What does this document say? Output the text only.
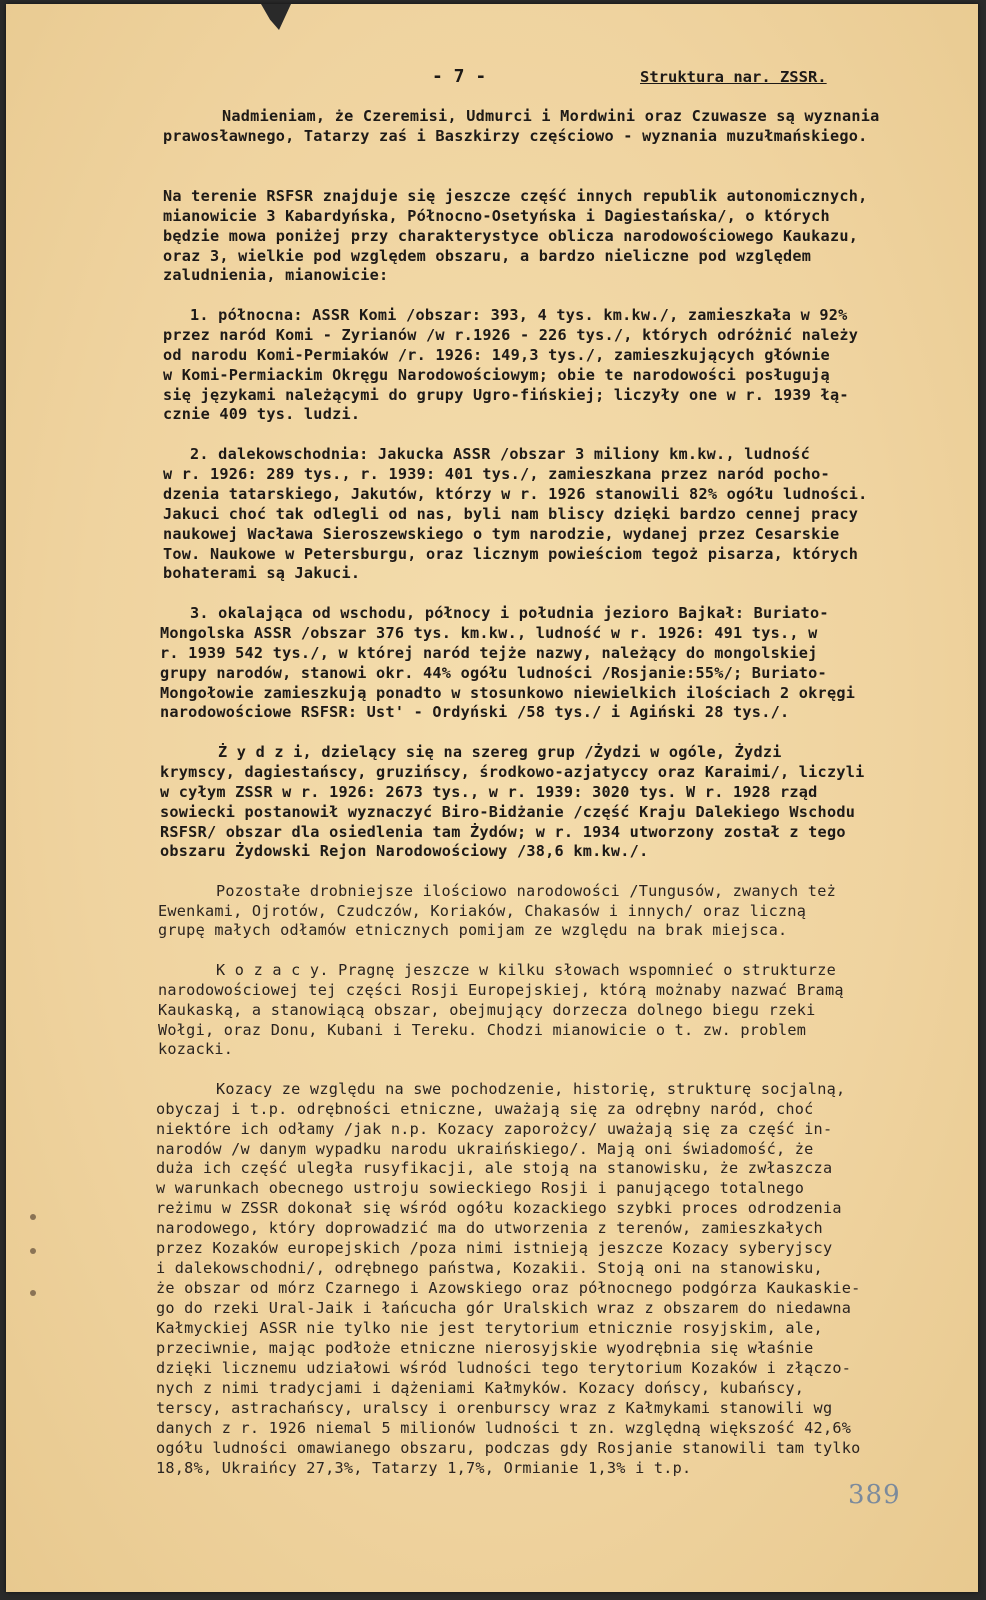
- 7 -	Struktura nar. ZSSR.
Nadmieniam, że Czeremisi, Udmurci i Mordwini oraz Czuwasze są wyznania
prawosławnego, Tatarzy zaś i Baszkirzy częściowo - wyznania muzułmańskiego.
Na terenie RSFSR znajduje się jeszcze część innych republik autonomicznych,
mianowicie 3 Kabardyńska, Północno-Osetyńska i Dagiestańska/, o których
będzie mowa poniżej przy charakterystyce oblicza narodowościowego Kaukazu,
oraz 3, wielkie pod względem obszaru, a bardzo nieliczne pod względem
zaludnienia, mianowicie:
1. północna: ASSR Komi /obszar: 393, 4 tys. km.kw./, zamieszkała w 92%
przez naród Komi - Zyrianów /w r.1926 - 226 tys./, których odróżnić należy
od narodu Komi-Permiaków /r. 1926: 149,3 tys./, zamieszkujących głównie
w Komi-Permiackim Okręgu Narodowościowym; obie te narodowości posługują
się językami należącymi do grupy Ugro-fińskiej; liczyły one w r. 1939 łą-
cznie 409 tys. ludzi.
2. dalekowschodnia: Jakucka ASSR /obszar 3 miliony km.kw., ludność
w r. 1926: 289 tys., r. 1939: 401 tys./, zamieszkana przez naród pocho-
dzenia tatarskiego, Jakutów, którzy w r. 1926 stanowili 82% ogółu ludności.
Jakuci choć tak odlegli od nas, byli nam bliscy dzięki bardzo cennej pracy
naukowej Wacława Sieroszewskiego o tym narodzie, wydanej przez Cesarskie
Tow. Naukowe w Petersburgu, oraz licznym powieściom tegoż pisarza, których
bohaterami są Jakuci.
3. okalająca od wschodu, północy i południa jezioro Bajkał: Buriato-
Mongolska ASSR /obszar 376 tys. km.kw., ludność w r. 1926: 491 tys., w
r. 1939 542 tys./, w której naród tejże nazwy, należący do mongolskiej
grupy narodów, stanowi okr. 44% ogółu ludności /Rosjanie:55%/; Buriato-
Mongołowie zamieszkują ponadto w stosunkowo niewielkich ilościach 2 okręgi
narodowościowe RSFSR: Ust' - Ordyński /58 tys./ i Agiński 28 tys./.
Ż y d z i, dzielący się na szereg grup /Żydzi w ogóle, Żydzi
krymscy, dagiestańscy, gruzińscy, środkowo-azjatyccy oraz Karaimi/, liczyli
w cyłym ZSSR w r. 1926: 2673 tys., w r. 1939: 3020 tys. W r. 1928 rząd
sowiecki postanowił wyznaczyć Biro-Bidżanie /część Kraju Dalekiego Wschodu
RSFSR/ obszar dla osiedlenia tam Żydów; w r. 1934 utworzony został z tego
obszaru Żydowski Rejon Narodowościowy /38,6 km.kw./.
Pozostałe drobniejsze ilościowo narodowości /Tungusów, zwanych też
Ewenkami, Ojrotów, Czudczów, Koriaków, Chakasów i innych/ oraz liczną
grupę małych odłamów etnicznych pomijam ze względu na brak miejsca.
K o z a c y. Pragnę jeszcze w kilku słowach wspomnieć o strukturze
narodowościowej tej części Rosji Europejskiej, którą możnaby nazwać Bramą
Kaukaską, a stanowiącą obszar, obejmujący dorzecza dolnego biegu rzeki
Wołgi, oraz Donu, Kubani i Tereku. Chodzi mianowicie o t. zw. problem
kozacki.
Kozacy ze względu na swe pochodzenie, historię, strukturę socjalną,
obyczaj i t.p. odrębności etniczne, uważają się za odrębny naród, choć
niektóre ich odłamy /jak n.p. Kozacy zaporożcy/ uważają się za część in-
narodów /w danym wypadku narodu ukraińskiego/. Mają oni świadomość, że
duża ich część uległa rusyfikacji, ale stoją na stanowisku, że zwłaszcza
w warunkach obecnego ustroju sowieckiego Rosji i panującego totalnego
reżimu w ZSSR dokonał się wśród ogółu kozackiego szybki proces odrodzenia
narodowego, który doprowadzić ma do utworzenia z terenów, zamieszkałych
przez Kozaków europejskich /poza nimi istnieją jeszcze Kozacy syberyjscy
i dalekowschodni/, odrębnego państwa, Kozakii. Stoją oni na stanowisku,
że obszar od mórz Czarnego i Azowskiego oraz północnego podgórza Kaukaskie-
go do rzeki Ural-Jaik i łańcucha gór Uralskich wraz z obszarem do niedawna
Kałmyckiej ASSR nie tylko nie jest terytorium etnicznie rosyjskim, ale,
przeciwnie, mając podłoże etniczne nierosyjskie wyodrębnia się właśnie
dzięki licznemu udziałowi wśród ludności tego terytorium Kozaków i złączo-
nych z nimi tradycjami i dążeniami Kałmyków. Kozacy dońscy, kubańscy,
terscy, astrachańscy, uralscy i orenburscy wraz z Kałmykami stanowili wg
danych z r. 1926 niemal 5 milionów ludności t zn. względną większość 42,6%
ogółu ludności omawianego obszaru, podczas gdy Rosjanie stanowili tam tylko
18,8%, Ukraińcy 27,3%, Tatarzy 1,7%, Ormianie 1,3% i t.p.
389
